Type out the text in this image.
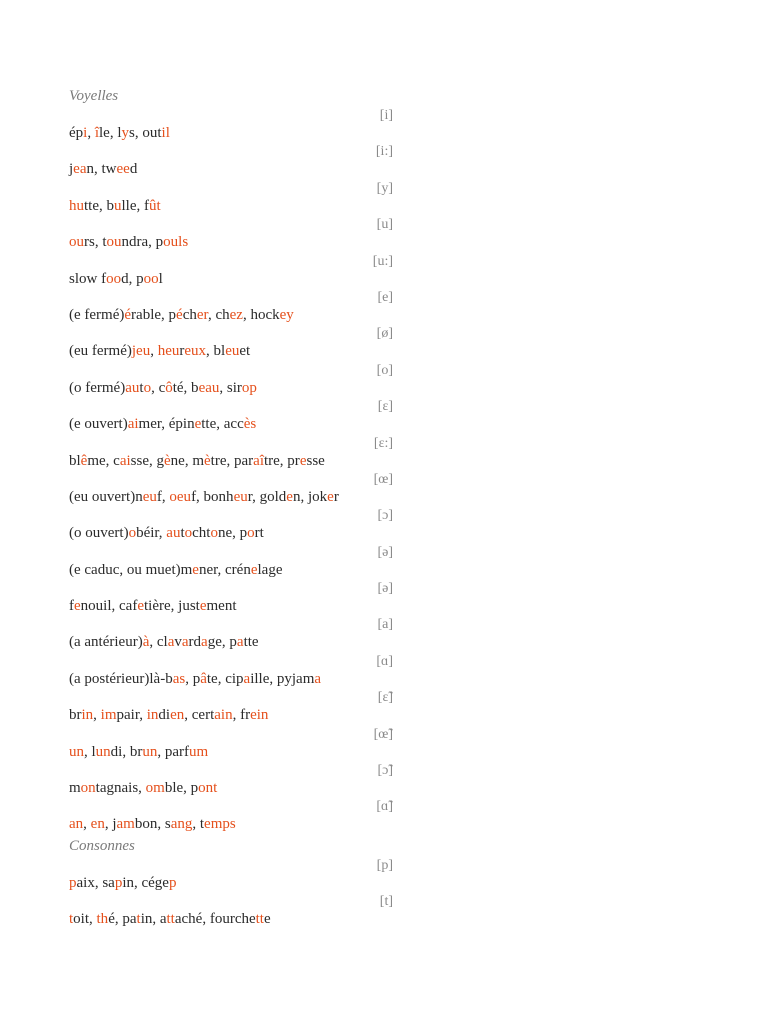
Voyelles

[i]
épi, île, lys, outil
[i:]
jean, tweed
[y]
hutte, bulle, fût
[u]
ours, toundra, pouls
[u:]
slow food, pool
[e]
(e fermé)érable, pécher, chez, hockey
[ø]
(eu fermé)jeu, heureux, bleuet
[o]
(o fermé)auto, côté, beau, sirop
[ɛ]
(e ouvert)aimer, épinette, accès
[ɛ:]
blême, caisse, gène, mètre, paraître, presse
[œ]
(eu ouvert)neuf, oeuf, bonheur, golden, joker
[ɔ]
(o ouvert)obéir, autochtone, port
[ə]
(e caduc, ou muet)mener, crénelage
[ə]
fenouil, cafetière, justement
[a]
(a antérieur)à, clavardage, patte
[ɑ]
(a postérieur)là-bas, pâte, cipaille, pyjama
[ɛ̃]
brin, impair, indien, certain, frein
[œ̃]
un, lundi, brun, parfum
[ɔ̃]
montagnais, omble, pont
[ɑ̃]
an, en, jambon, sang, temps

Consonnes

[p]
paix, sapin, cégep
[t]
toit, thé, patin, attaché, fourchette
